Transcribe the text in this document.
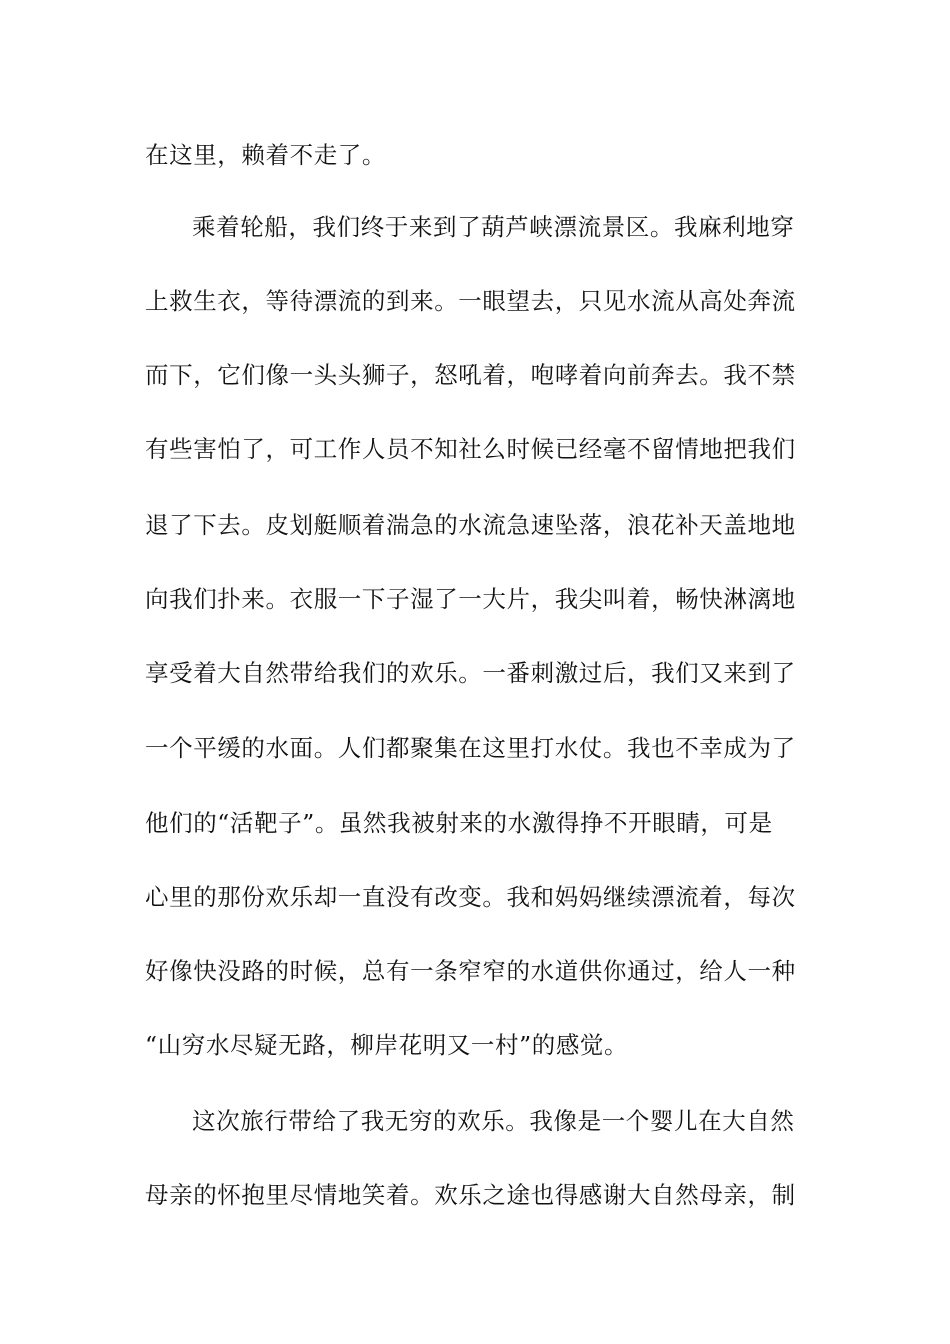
在这里，赖着不走了。
乘着轮船，我们终于来到了葫芦峡漂流景区。我麻利地穿
上救生衣，等待漂流的到来。一眼望去，只见水流从高处奔流
而下，它们像一头头狮子，怒吼着，咆哮着向前奔去。我不禁
有些害怕了，可工作人员不知社么时候已经毫不留情地把我们
退了下去。皮划艇顺着湍急的水流急速坠落，浪花补天盖地地
向我们扑来。衣服一下子湿了一大片，我尖叫着，畅快淋漓地
享受着大自然带给我们的欢乐。一番刺激过后，我们又来到了
一个平缓的水面。人们都聚集在这里打水仗。我也不幸成为了
他们的“活靶子”。虽然我被射来的水激得挣不开眼睛，可是
心里的那份欢乐却一直没有改变。我和妈妈继续漂流着，每次
好像快没路的时候，总有一条窄窄的水道供你通过，给人一种
“山穷水尽疑无路，柳岸花明又一村”的感觉。
这次旅行带给了我无穷的欢乐。我像是一个婴儿在大自然
母亲的怀抱里尽情地笑着。欢乐之途也得感谢大自然母亲，制
